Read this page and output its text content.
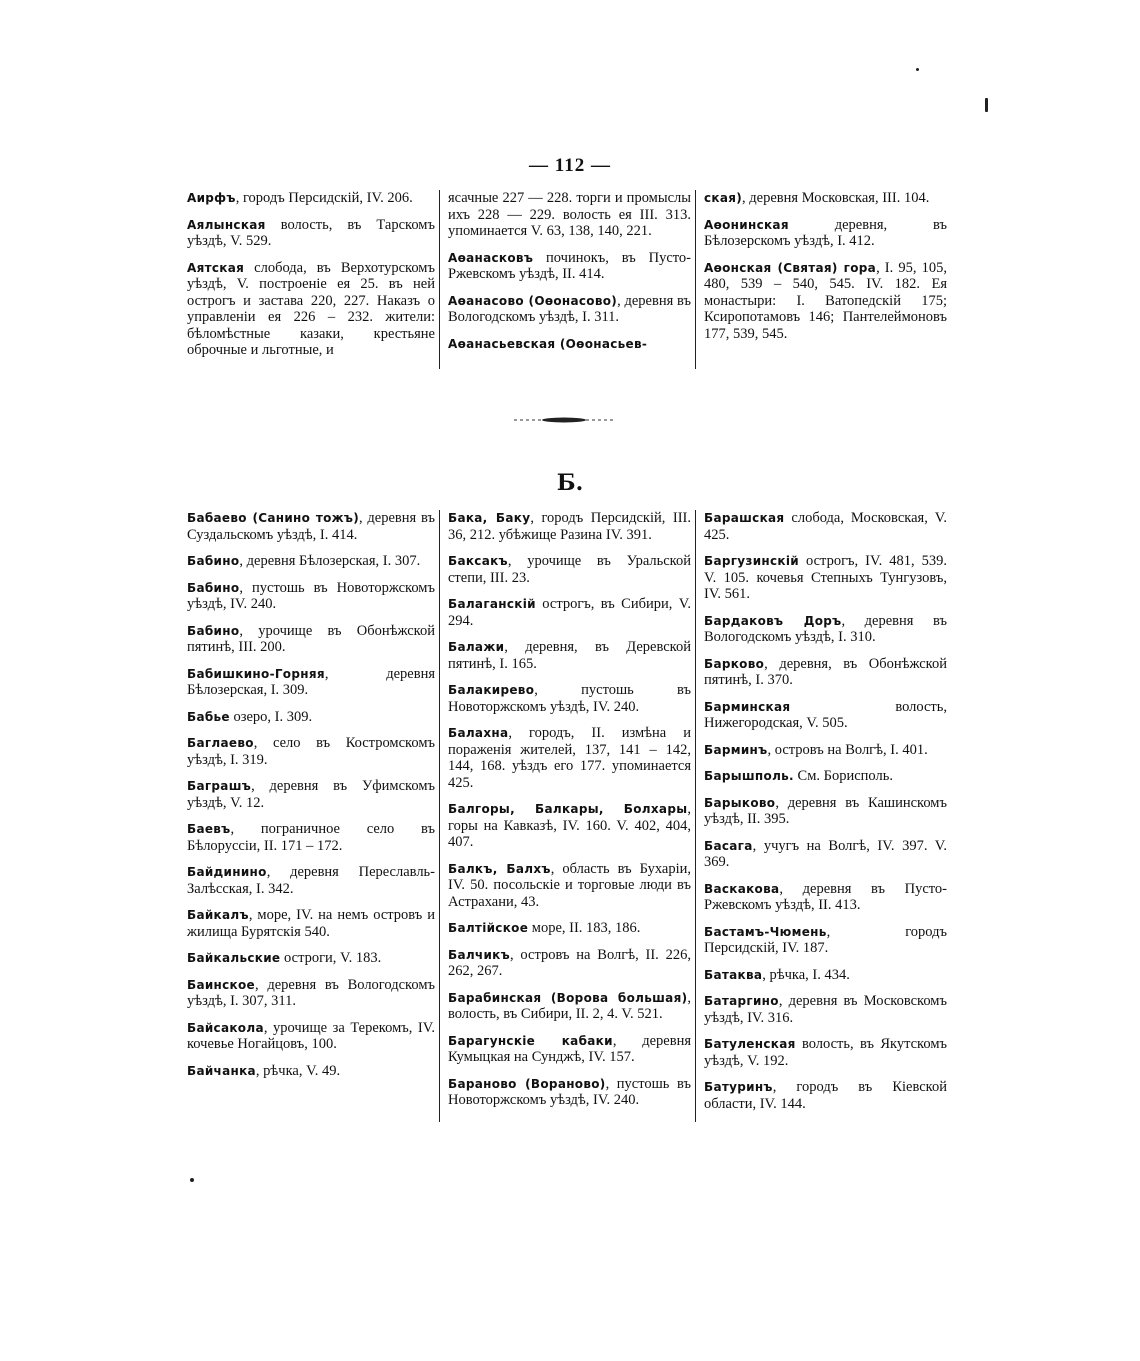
— 112 —
Аирфъ, городъ Персидскій, IV. 206.
Аялынская волость, въ Тарскомъ уѣздѣ, V. 529.
Аятская слобода, въ Верхотурскомъ уѣздѣ, V. построеніе ея 25. въ ней острогъ и застава 220, 227. Наказъ о управленіи ея 226 – 232. жители: бѣломѣстные казаки, крестьяне оброчные и льготные, и
ясачные 227 — 228. торги и промыслы ихъ 228 — 229. волость ея III. 313. упоминается V. 63, 138, 140, 221.
Аѳанасковъ починокъ, въ Пусто-Ржевскомъ уѣздѣ, II. 414.
Аѳанасово (Оѳонасово), деревня въ Вологодскомъ уѣздѣ, I. 311.
Аѳанасьевская (Оѳонасьев-
ская), деревня Московская, III. 104.
Аѳонинская деревня, въ Бѣлозерскомъ уѣздѣ, I. 412.
Аѳонская (Святая) гора, I. 95, 105, 480, 539 – 540, 545. IV. 182. Ея монастыри: I. Ватопедскій 175; Ксиропотамовъ 146; Пантелеймоновъ 177, 539, 545.
Б.
Бабаево (Санино тожъ), деревня въ Суздальскомъ уѣздѣ, I. 414.
Бабино, деревня Бѣлозерская, I. 307.
Бабино, пустошь въ Новоторжскомъ уѣздѣ, IV. 240.
Бабино, урочище въ Обонѣжской пятинѣ, III. 200.
Бабишкино-Горняя, деревня Бѣлозерская, I. 309.
Бабье озеро, I. 309.
Баглаево, село въ Костромскомъ уѣздѣ, I. 319.
Баграшъ, деревня въ Уфимскомъ уѣздѣ, V. 12.
Баевъ, пограничное село въ Бѣлоруссіи, II. 171 – 172.
Байдинино, деревня Переславль-Залѣсская, I. 342.
Байкалъ, море, IV. на немъ островъ и жилища Бурятскія 540.
Байкальские остроги, V. 183.
Баинское, деревня въ Вологодскомъ уѣздѣ, I. 307, 311.
Байсакола, урочище за Терекомъ, IV. кочевье Ногайцовъ, 100.
Байчанка, рѣчка, V. 49.
Бака, Баку, городъ Персидскій, III. 36, 212. убѣжище Разина IV. 391.
Баксакъ, урочище въ Уральской степи, III. 23.
Балаганскій острогъ, въ Сибири, V. 294.
Балажи, деревня, въ Деревской пятинѣ, I. 165.
Балакирево, пустошь въ Новоторжскомъ уѣздѣ, IV. 240.
Балахна, городъ, II. измѣна и пораженія жителей, 137, 141 – 142, 144, 168. уѣздъ его 177. упоминается 425.
Балгоры, Балкары, Болхары, горы на Кавказѣ, IV. 160. V. 402, 404, 407.
Балкъ, Балхъ, область въ Бухаріи, IV. 50. посольскіе и торговые люди въ Астрахани, 43.
Балтійское море, II. 183, 186.
Балчикъ, островъ на Волгѣ, II. 226, 262, 267.
Барабинская (Ворова большая), волость, въ Сибири, II. 2, 4. V. 521.
Барагунскіе кабаки, деревня Кумыцкая на Сунджѣ, IV. 157.
Бараново (Ворaново), пустошь въ Новоторжскомъ уѣздѣ, IV. 240.
Барашская слобода, Московская, V. 425.
Баргузинскій острогъ, IV. 481, 539. V. 105. кочевья Степныхъ Тунгузовъ, IV. 561.
Бардаковъ Доръ, деревня въ Вологодскомъ уѣздѣ, I. 310.
Барково, деревня, въ Обонѣжской пятинѣ, I. 370.
Барминская волость, Нижегородская, V. 505.
Барминъ, островъ на Волгѣ, I. 401.
Барышполь. См. Борисполь.
Барыково, деревня въ Кашинскомъ уѣздѣ, II. 395.
Басага, учугъ на Волгѣ, IV. 397. V. 369.
Васкакова, деревня въ Пусто-Ржевскомъ уѣздѣ, II. 413.
Бастамъ-Чюмень, городъ Персидскій, IV. 187.
Батаква, рѣчка, I. 434.
Батаргино, деревня въ Московскомъ уѣздѣ, IV. 316.
Батуленская волость, въ Якутскомъ уѣздѣ, V. 192.
Батуринъ, городъ въ Кіевской области, IV. 144.
